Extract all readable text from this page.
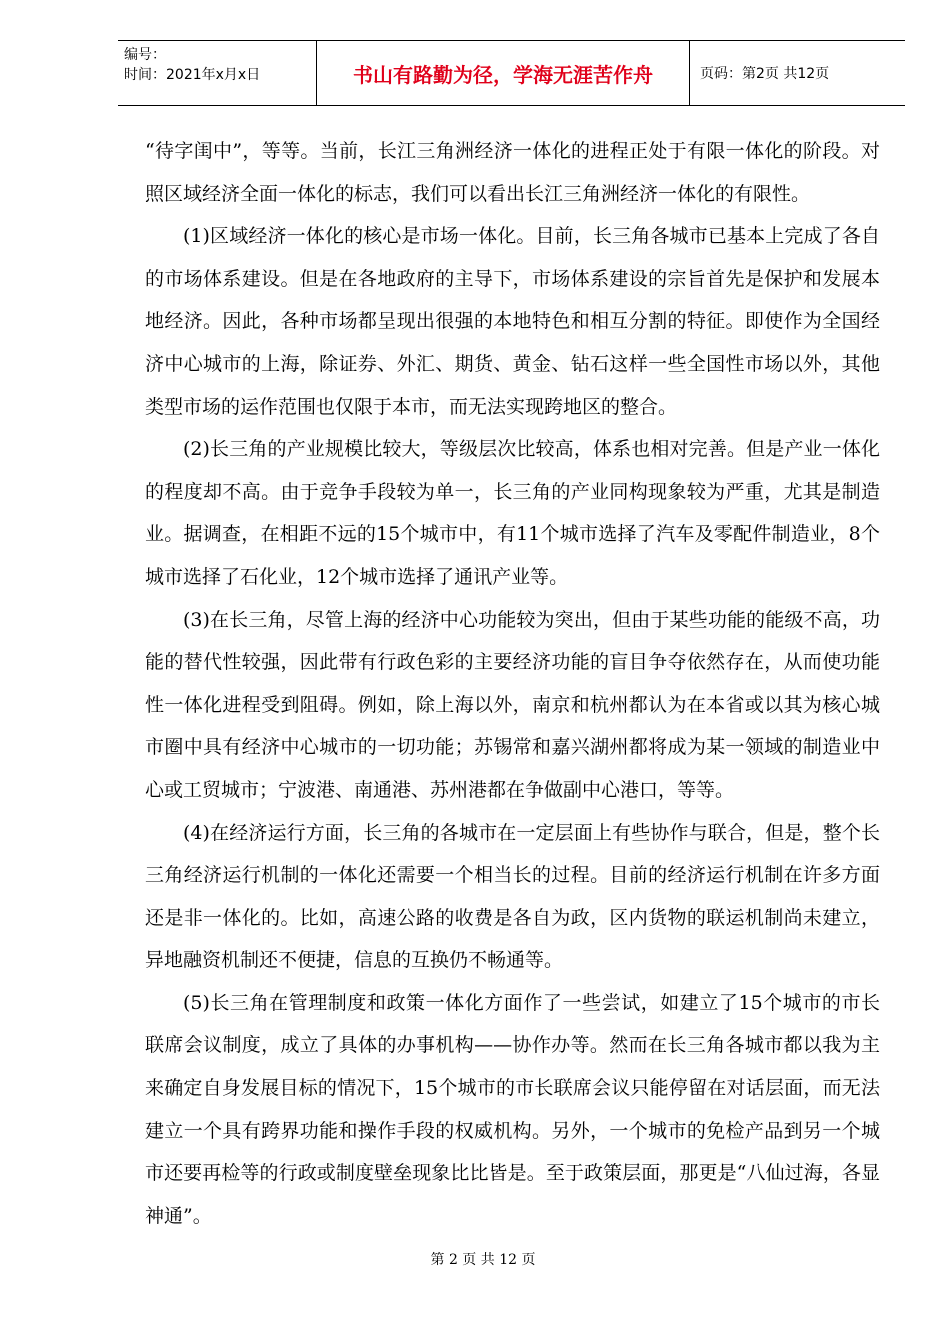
编号：
时间：2021年x月x日	书山有路勤为径，学海无涯苦作舟	页码：第2页 共12页

“待字闺中”，等等。当前，长江三角洲经济一体化的进程正处于有限一体化的阶段。对照区域经济全面一体化的标志，我们可以看出长江三角洲经济一体化的有限性。

(1)区域经济一体化的核心是市场一体化。目前，长三角各城市已基本上完成了各自的市场体系建设。但是在各地政府的主导下，市场体系建设的宗旨首先是保护和发展本地经济。因此，各种市场都呈现出很强的本地特色和相互分割的特征。即使作为全国经济中心城市的上海，除证券、外汇、期货、黄金、钻石这样一些全国性市场以外，其他类型市场的运作范围也仅限于本市，而无法实现跨地区的整合。

(2)长三角的产业规模比较大，等级层次比较高，体系也相对完善。但是产业一体化的程度却不高。由于竞争手段较为单一，长三角的产业同构现象较为严重，尤其是制造业。据调查，在相距不远的15个城市中，有11个城市选择了汽车及零配件制造业，8个城市选择了石化业，12个城市选择了通讯产业等。

(3)在长三角，尽管上海的经济中心功能较为突出，但由于某些功能的能级不高，功能的替代性较强，因此带有行政色彩的主要经济功能的盲目争夺依然存在，从而使功能性一体化进程受到阻碍。例如，除上海以外，南京和杭州都认为在本省或以其为核心城市圈中具有经济中心城市的一切功能；苏锡常和嘉兴湖州都将成为某一领域的制造业中心或工贸城市；宁波港、南通港、苏州港都在争做副中心港口，等等。

(4)在经济运行方面，长三角的各城市在一定层面上有些协作与联合，但是，整个长三角经济运行机制的一体化还需要一个相当长的过程。目前的经济运行机制在许多方面还是非一体化的。比如，高速公路的收费是各自为政，区内货物的联运机制尚未建立，异地融资机制还不便捷，信息的互换仍不畅通等。

(5)长三角在管理制度和政策一体化方面作了一些尝试，如建立了15个城市的市长联席会议制度，成立了具体的办事机构——协作办等。然而在长三角各城市都以我为主来确定自身发展目标的情况下，15个城市的市长联席会议只能停留在对话层面，而无法建立一个具有跨界功能和操作手段的权威机构。另外，一个城市的免检产品到另一个城市还要再检等的行政或制度壁垒现象比比皆是。至于政策层面，那更是“八仙过海，各显神通”。

第 2 页 共 12 页
